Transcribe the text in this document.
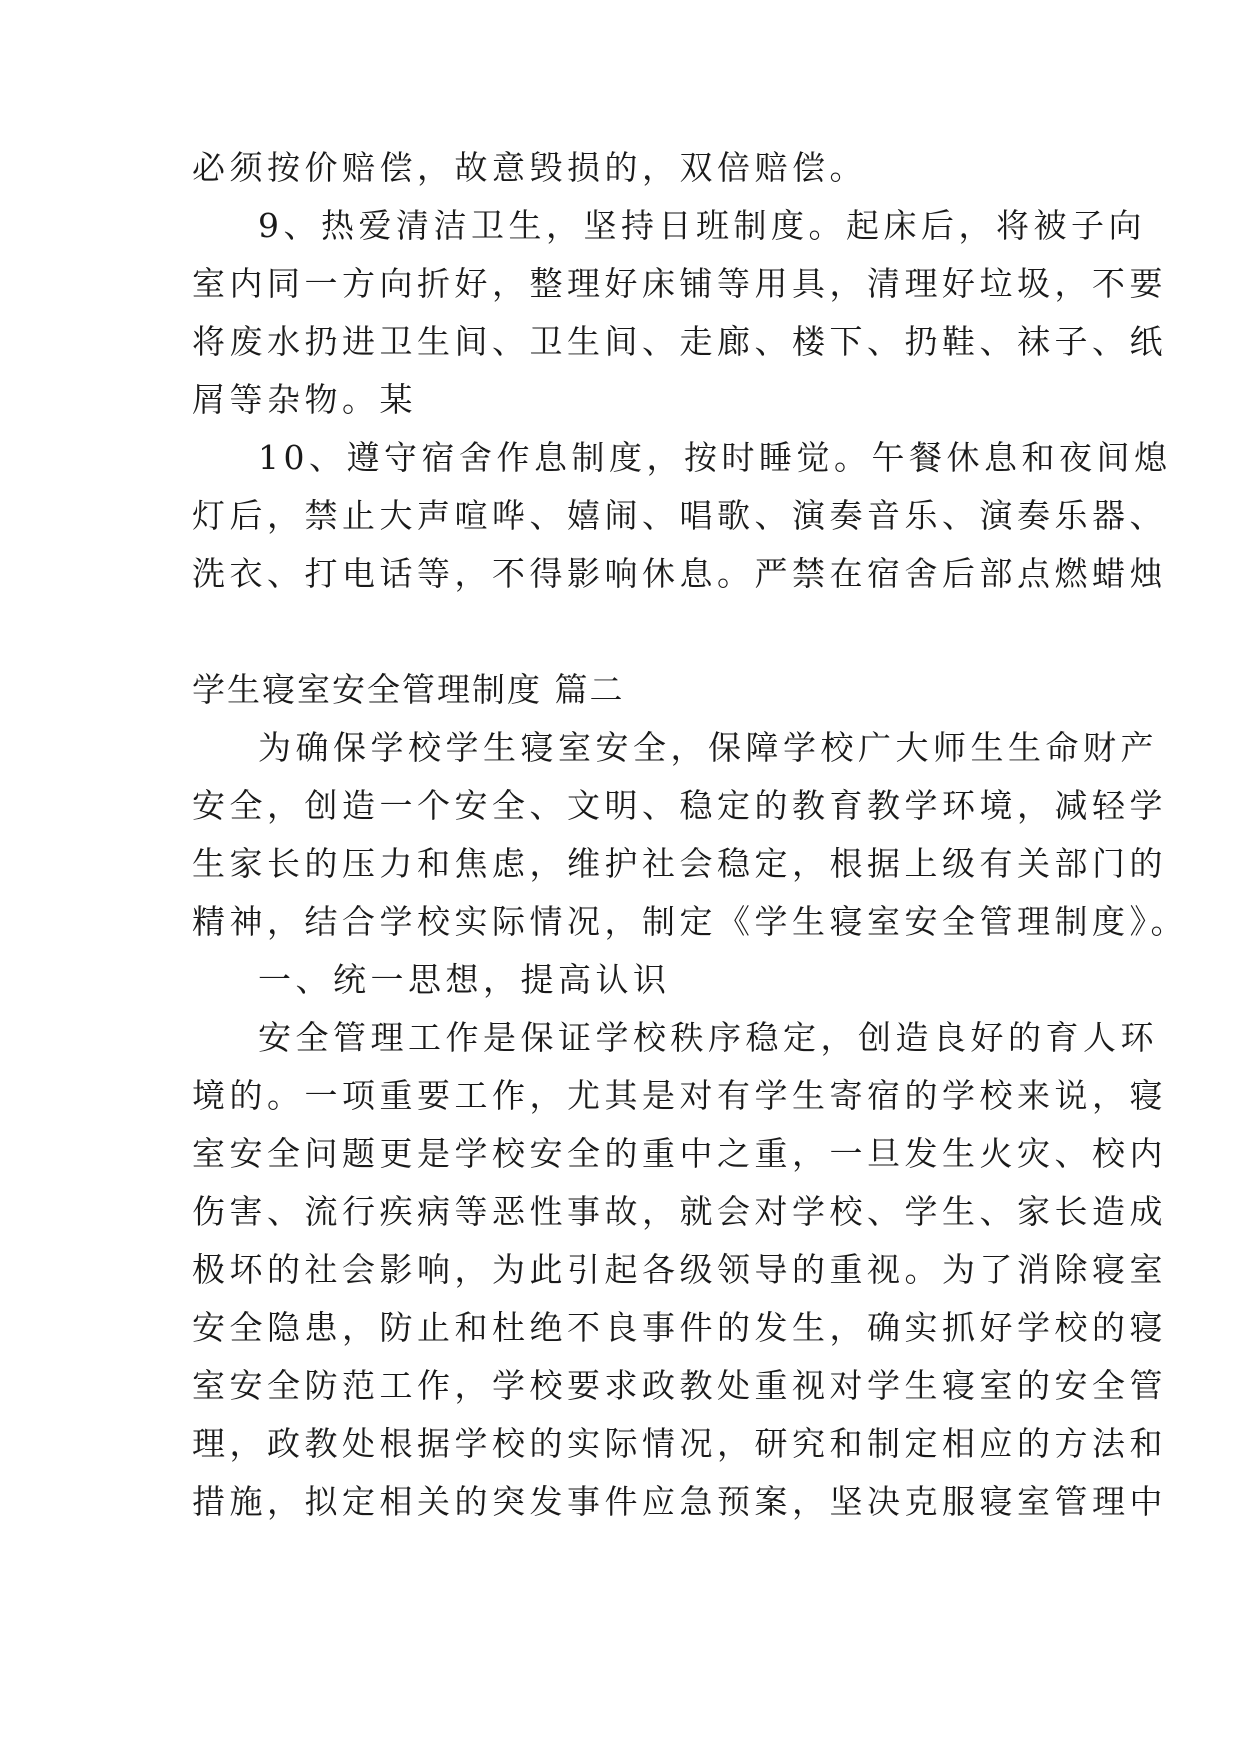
必须按价赔偿，故意毁损的，双倍赔偿。
9、热爱清洁卫生，坚持日班制度。起床后，将被子向
室内同一方向折好，整理好床铺等用具，清理好垃圾，不要
将废水扔进卫生间、卫生间、走廊、楼下、扔鞋、袜子、纸
屑等杂物。某
10、遵守宿舍作息制度，按时睡觉。午餐休息和夜间熄
灯后，禁止大声喧哗、嬉闹、唱歌、演奏音乐、演奏乐器、
洗衣、打电话等，不得影响休息。严禁在宿舍后部点燃蜡烛
学生寝室安全管理制度 篇二
为确保学校学生寝室安全，保障学校广大师生生命财产
安全，创造一个安全、文明、稳定的教育教学环境，减轻学
生家长的压力和焦虑，维护社会稳定，根据上级有关部门的
精神，结合学校实际情况，制定《学生寝室安全管理制度》。
一、统一思想，提高认识
安全管理工作是保证学校秩序稳定，创造良好的育人环
境的。一项重要工作，尤其是对有学生寄宿的学校来说，寝
室安全问题更是学校安全的重中之重，一旦发生火灾、校内
伤害、流行疾病等恶性事故，就会对学校、学生、家长造成
极坏的社会影响，为此引起各级领导的重视。为了消除寝室
安全隐患，防止和杜绝不良事件的发生，确实抓好学校的寝
室安全防范工作，学校要求政教处重视对学生寝室的安全管
理，政教处根据学校的实际情况，研究和制定相应的方法和
措施，拟定相关的突发事件应急预案，坚决克服寝室管理中
